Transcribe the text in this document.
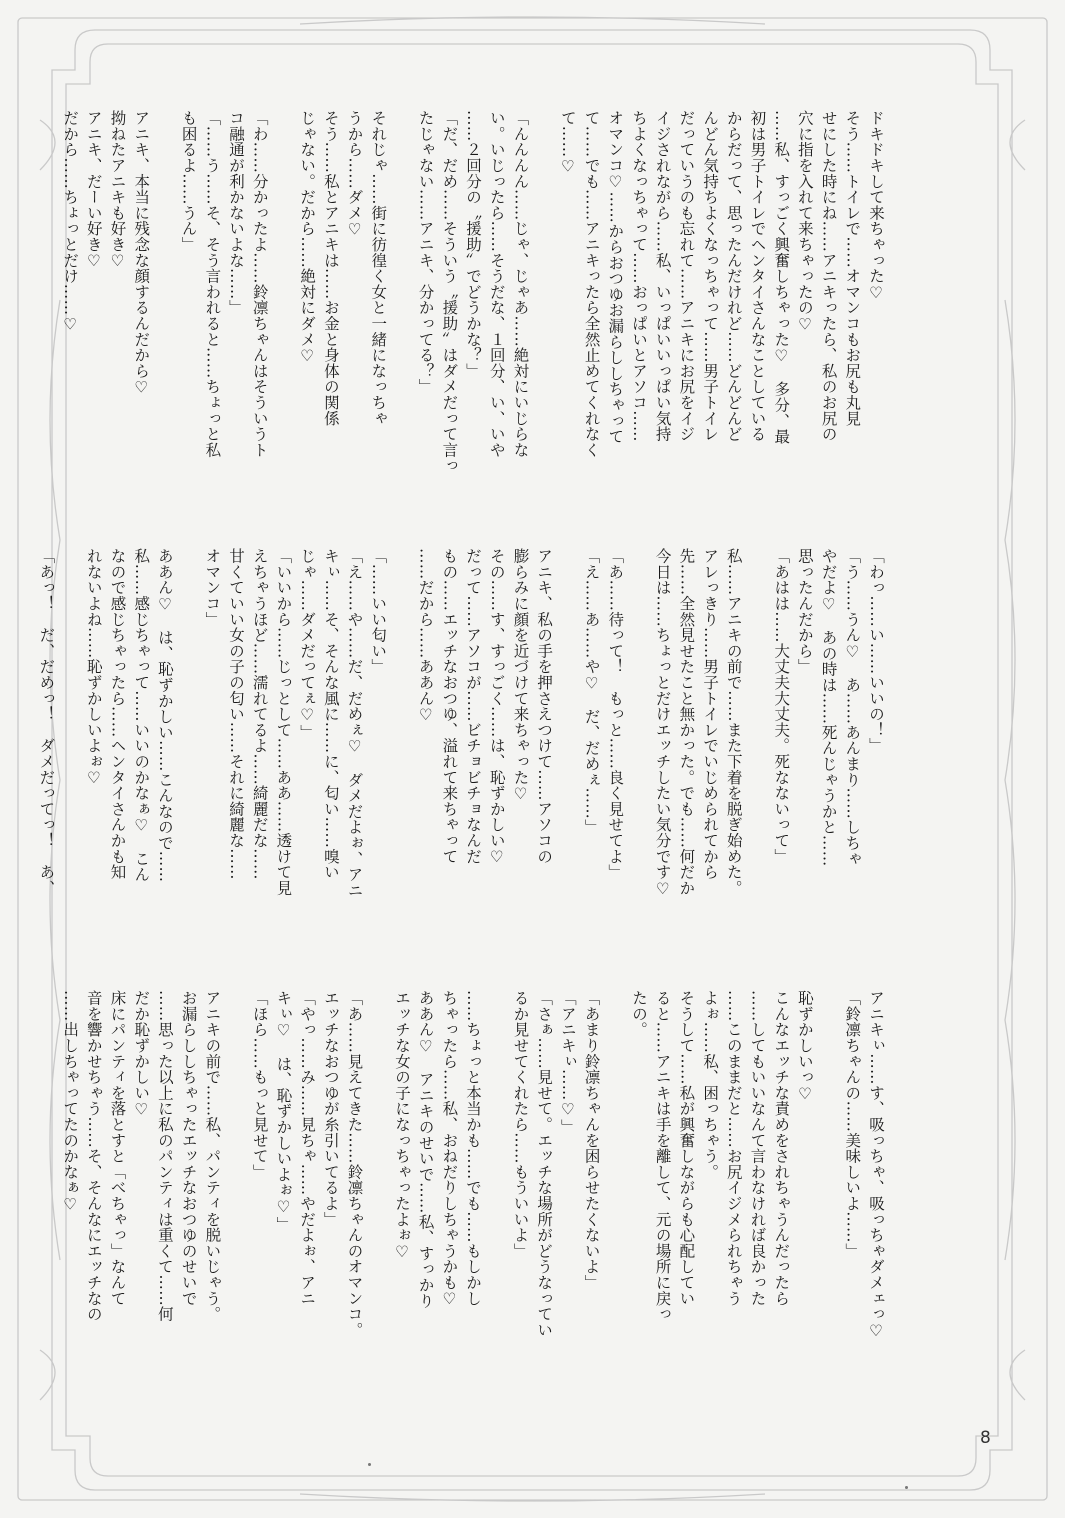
ドキドキして来ちゃった♡
そう……トイレで……オマンコもお尻も丸見
せにした時にね……アニキったら、私のお尻の
穴に指を入れて来ちゃったの♡
……私、すっごく興奮しちゃった♡　多分、最
初は男子トイレでヘンタイさんなことしている
からだって、思ったんだけれど……どんどんど
んどん気持ちよくなっちゃって……男子トイレ
だっていうのも忘れて……アニキにお尻をイジ
イジされながら……私、いっぱいいっぱい気持
ちよくなっちゃって……おっぱいとアソコ……
オマンコ♡……からおつゆお漏らししちゃって
て……でも……アニキったら全然止めてくれなく
て……♡

「んんんん……じゃ、じゃあ……絶対にいじらな
い。いじったら……そうだな、１回分、い、いや
……２回分の〝援助〟でどうかな？」
「だ、だめ……そういう〝援助〟はダメだって言っ
たじゃない……アニキ、分かってる？」

それじゃ……街に彷徨く女と一緒になっちゃ
うから……ダメ♡
そう……私とアニキは……お金と身体の関係
じゃない。だから……絶対にダメ♡

「わ……分かったよ……鈴凛ちゃんはそういうト
コ融通が利かないよな……」
「……う……そ、そう言われると……ちょっと私
も困るよ……うん」

アニキ、本当に残念な顔するんだから♡
拗ねたアニキも好き♡
アニキ、だーい好き♡
だから……ちょっとだけ……♡
「わっ……い……いいの！」
「う……うん♡　あ……あんまり……しちゃ
やだよ♡　あの時は……死んじゃうかと……
思ったんだから」
「あはは……大丈夫大丈夫。死なないって」

私……アニキの前で……また下着を脱ぎ始めた。
アレっきり……男子トイレでいじめられてから
先……全然見せたこと無かった。でも……何だか
今日は……ちょっとだけエッチしたい気分です♡

「あ……待って！　もっと……良く見せてよ」
「え……あ……や♡　だ、だめぇ……」

アニキ、私の手を押さえつけて……アソコの
膨らみに顔を近づけて来ちゃった♡
その……す、すっごく……は、恥ずかしい♡
だって……アソコが……ビチョビチョなんだ
もの……エッチなおつゆ、溢れて来ちゃって
……だから……ああん♡

「……いい匂い」
「え……や……だ、だめぇ♡　ダメだよぉ、アニ
キぃ……そ、そんな風に……に、匂い……嗅い
じゃ……ダメだってぇ♡」
「いいから……じっとして……ああ……透けて見
えちゃうほど……濡れてるよ……綺麗だな……
甘くていい女の子の匂い……それに綺麗な……
オマンコ」

ああん♡　は、恥ずかしい……こんなので……
私……感じちゃって……いいのかなぁ♡　こん
なので感じちゃったら……ヘンタイさんかも知
れないよね……恥ずかしいよぉ♡

「あっ！　だ、だめっ！　ダメだってっ！　あ、
アニキぃ……す、吸っちゃ、吸っちゃダメェっ♡
「鈴凛ちゃんの……美味しいよ……」

恥ずかしいっ♡
こんなエッチな責めをされちゃうんだったら
……してもいいなんて言わなければ良かった
……このままだと……お尻イジメられちゃう
よぉ……私、困っちゃう。
そうして……私が興奮しながらも心配してい
ると……アニキは手を離して、元の場所に戻っ
たの。

「あまり鈴凛ちゃんを困らせたくないよ」
「アニキぃ……♡」
「さぁ……見せて。エッチな場所がどうなってい
るか見せてくれたら……もういいよ」

……ちょっと本当かも……でも……もしかし
ちゃったら……私、おねだりしちゃうかも♡
ああん♡　アニキのせいで……私、すっかり
エッチな女の子になっちゃったよぉ♡

「あ……見えてきた……鈴凛ちゃんのオマンコ。
エッチなおつゆが糸引いてるよ」
「やっ……み……見ちゃ……やだよぉ、アニ
キぃ♡　は、恥ずかしいよぉ♡」
「ほら……もっと見せて」

アニキの前で……私、パンティを脱いじゃう。
お漏らししちゃったエッチなおつゆのせいで
……思った以上に私のパンティは重くて……何
だか恥ずかしい♡
床にパンティを落とすと「べちゃっ」なんて
音を響かせちゃう……そ、そんなにエッチなの
……出しちゃってたのかなぁ♡
8
